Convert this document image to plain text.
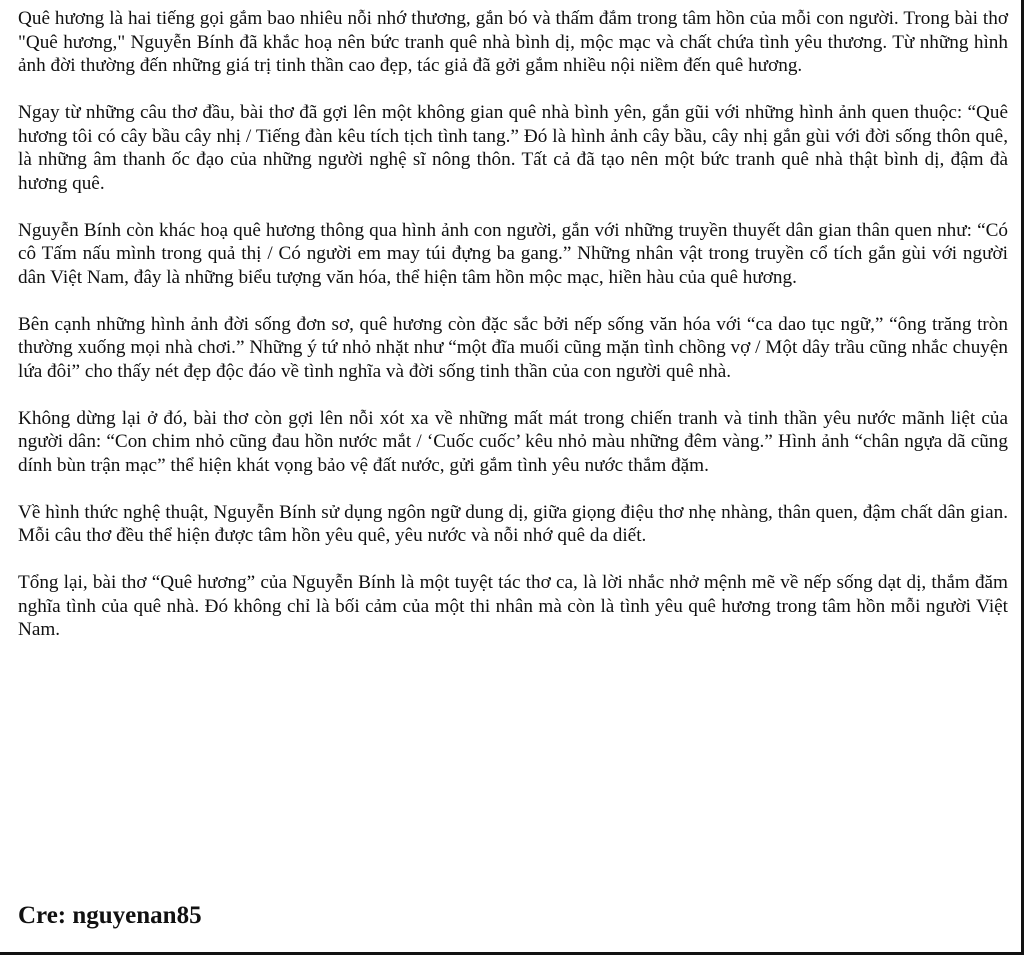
Quê hương là hai tiếng gọi gắm bao nhiêu nỗi nhớ thương, gắn bó và thấm đắm trong tâm hồn của mỗi con người. Trong bài thơ "Quê hương," Nguyễn Bính đã khắc hoạ nên bức tranh quê nhà bình dị, mộc mạc và chất chứa tình yêu thương. Từ những hình ảnh đời thường đến những giá trị tinh thần cao đẹp, tác giả đã gởi gắm nhiều nội niềm đến quê hương.

Ngay từ những câu thơ đầu, bài thơ đã gợi lên một không gian quê nhà bình yên, gắn gũi với những hình ảnh quen thuộc: “Quê hương tôi có cây bầu cây nhị / Tiếng đàn kêu tích tịch tình tang.” Đó là hình ảnh cây bầu, cây nhị gắn gùi với đời sống thôn quê, là những âm thanh ốc đạo của những người nghệ sĩ nông thôn. Tất cả đã tạo nên một bức tranh quê nhà thật bình dị, đậm đà hương quê.

Nguyễn Bính còn khác hoạ quê hương thông qua hình ảnh con người, gắn với những truyền thuyết dân gian thân quen như: “Có cô Tấm nấu mình trong quả thị / Có người em may túi đựng ba gang.” Những nhân vật trong truyền cổ tích gắn gùi với người dân Việt Nam, đây là những biểu tượng văn hóa, thể hiện tâm hồn mộc mạc, hiền hàu của quê hương.

Bên cạnh những hình ảnh đời sống đơn sơ, quê hương còn đặc sắc bởi nếp sống văn hóa với “ca dao tục ngữ,” “ông trăng tròn thường xuống mọi nhà chơi.” Những ý tứ nhỏ nhặt như “một đĩa muối cũng mặn tình chồng vợ / Một dây trầu cũng nhắc chuyện lứa đôi” cho thấy nét đẹp độc đáo về tình nghĩa và đời sống tinh thần của con người quê nhà.

Không dừng lại ở đó, bài thơ còn gợi lên nỗi xót xa về những mất mát trong chiến tranh và tinh thần yêu nước mãnh liệt của người dân: “Con chim nhỏ cũng đau hồn nước mắt / ‘Cuốc cuốc’ kêu nhỏ màu những đêm vàng.” Hình ảnh “chân ngựa dã cũng dính bùn trận mạc” thể hiện khát vọng bảo vệ đất nước, gửi gắm tình yêu nước thắm đặm.

Về hình thức nghệ thuật, Nguyễn Bính sử dụng ngôn ngữ dung dị, giữa giọng điệu thơ nhẹ nhàng, thân quen, đậm chất dân gian. Mỗi câu thơ đều thể hiện được tâm hồn yêu quê, yêu nước và nỗi nhớ quê da diết.

Tổng lại, bài thơ “Quê hương” của Nguyễn Bính là một tuyệt tác thơ ca, là lời nhắc nhở mệnh mẽ về nếp sống dạt dị, thắm đăm nghĩa tình của quê nhà. Đó không chỉ là bối cảm của một thi nhân mà còn là tình yêu quê hương trong tâm hồn mỗi người Việt Nam.

Cre: nguyenan85
